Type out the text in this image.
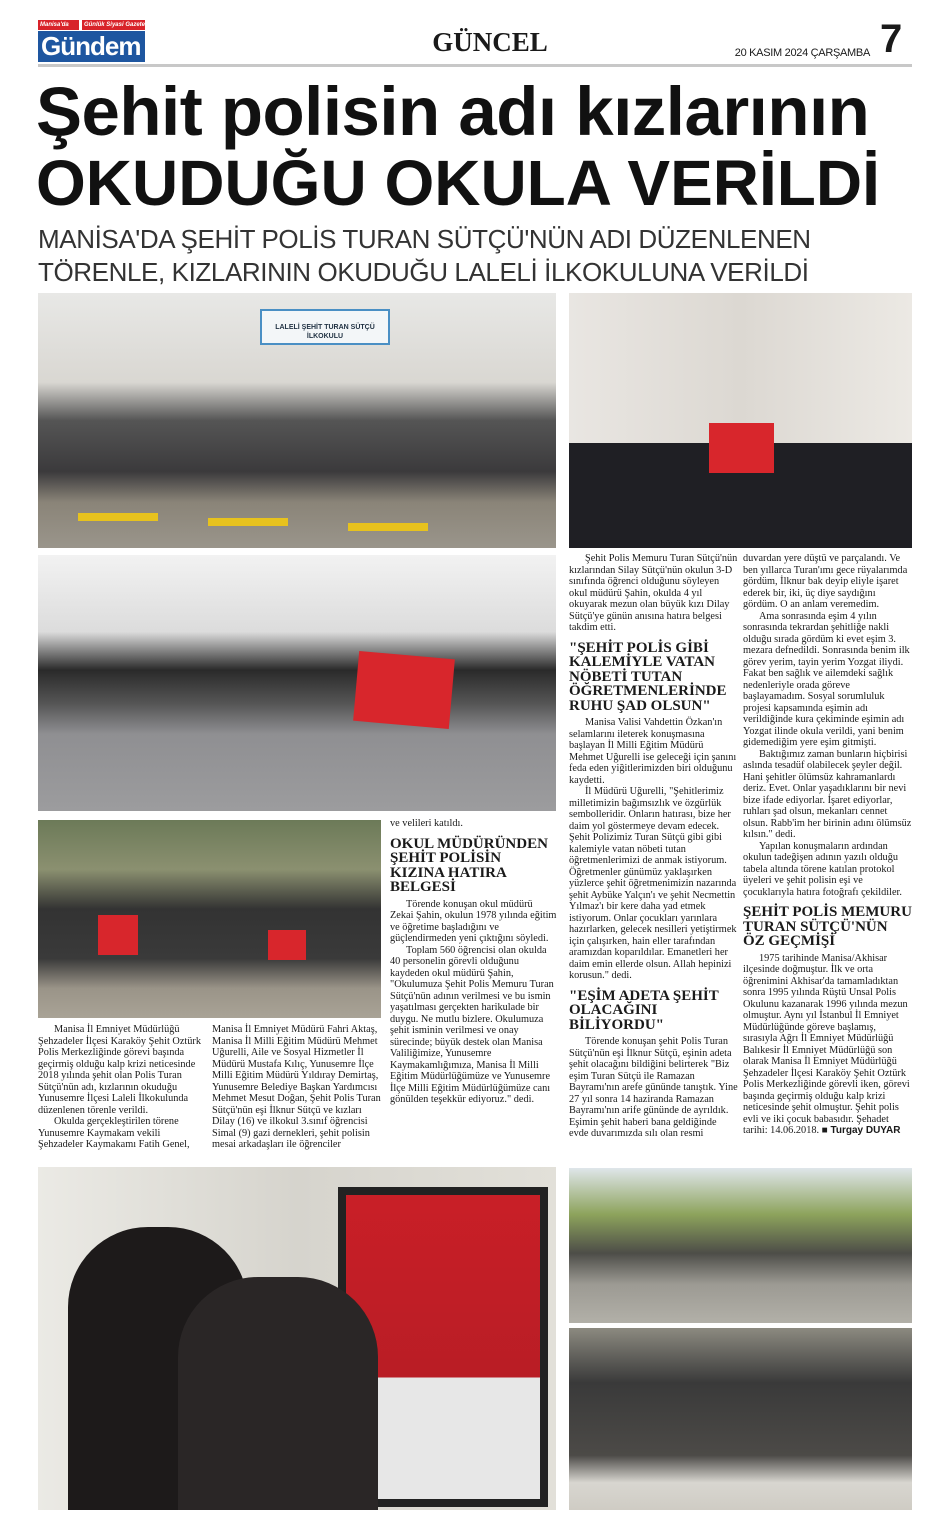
Manisa'da	Günlük Siyasi Gazete
Gündem	GÜNCEL	20 KASIM 2024 ÇARŞAMBA 7
Şehit polisin adı kızlarının
OKUDUĞU OKULA VERİLDİ
MANİSA'DA ŞEHİT POLİS TURAN SÜTÇÜ'NÜN ADI DÜZENLENEN
TÖRENLE, KIZLARININ OKUDUĞU LALELİ İLKOKULUNA VERİLDİ
LALELİ ŞEHİT TURAN SÜTÇÜ İLKOKULU

Manisa İl Emniyet Müdürlüğü Şehzadeler İlçesi Karaköy Şehit Oztürk Polis Merkezliğinde görevi başında geçirmiş olduğu kalp krizi neticesinde 2018 yılında şehit olan Polis Turan Sütçü'nün adı, kızlarının okuduğu Yunusemre İlçesi Laleli İlkokulunda düzenlenen törenle verildi.

Okulda gerçekleştirilen törene Yunusemre Kaymakam vekili Şehzadeler Kaymakamı Fatih Genel,

Manisa İl Emniyet Müdürü Fahri Aktaş, Manisa İl Milli Eğitim Müdürü Mehmet Uğurelli, Aile ve Sosyal Hizmetler İl Müdürü Mustafa Kılıç, Yunusemre İlçe Milli Eğitim Müdürü Yıldıray Demirtaş, Yunusemre Belediye Başkan Yardımcısı Mehmet Mesut Doğan, Şehit Polis Turan Sütçü'nün eşi İlknur Sütçü ve kızları Dilay (16) ve ilkokul 3.sınıf öğrencisi Simal (9) gazi dernekleri, şehit polisin mesai arkadaşları ile öğrenciler

ve velileri katıldı.

OKUL MÜDÜRÜNDEN ŞEHİT POLİSİN KIZINA HATIRA BELGESİ

Törende konuşan okul müdürü Zekai Şahin, okulun 1978 yılında eğitim ve öğretime başladığını ve güçlendirmeden yeni çıktığını söyledi.

Toplam 560 öğrencisi olan okulda 40 personelin görevli olduğunu kaydeden okul müdürü Şahin, "Okulumuza Şehit Polis Memuru Turan Sütçü'nün adının verilmesi ve bu ismin yaşatılması gerçekten harikulade bir duygu. Ne mutlu bizlere. Okulumuza şehit isminin verilmesi ve onay sürecinde; büyük destek olan Manisa Valiliğimize, Yunusemre Kaymakamlığımıza, Manisa İl Milli Eğitim Müdürlüğümüze ve Yunusemre İlçe Milli Eğitim Müdürlüğümüze canı gönülden teşekkür ediyoruz." dedi.

Şehit Polis Memuru Turan Sütçü'nün kızlarından Silay Sütçü'nün okulun 3-D sınıfında öğrenci olduğunu söyleyen okul müdürü Şahin, okulda 4 yıl okuyarak mezun olan büyük kızı Dilay Sütçü'ye günün anısına hatıra belgesi takdim etti.

"ŞEHİT POLİS GİBİ KALEMİYLE VATAN NÖBETİ TUTAN ÖĞRETMENLERİNDE RUHU ŞAD OLSUN"

Manisa Valisi Vahdettin Özkan'ın selamlarını ileterek konuşmasına başlayan İl Milli Eğitim Müdürü Mehmet Uğurelli ise geleceği için şanını feda eden yiğitlerimizden biri olduğunu kaydetti.

İl Müdürü Uğurelli, "Şehitlerimiz milletimizin bağımsızlık ve özgürlük sembolleridir. Onların hatırası, bize her daim yol göstermeye devam edecek. Şehit Polizimiz Turan Sütçü gibi gibi kalemiyle vatan nöbeti tutan öğretmenlerimizi de anmak istiyorum. Öğretmenler günümüz yaklaşırken yüzlerce şehit öğretmenimizin nazarında şehit Aybüke Yalçın'ı ve şehit Necmettin Yılmaz'ı bir kere daha yad etmek istiyorum. Onlar çocukları yarınlara hazırlarken, gelecek nesilleri yetiştirmek için çalışırken, hain eller tarafından aramızdan koparıldılar. Emanetleri her daim emin ellerde olsun. Allah hepinizi korusun." dedi.

"EŞİM ADETA ŞEHİT OLACAĞINI BİLİYORDU"

Törende konuşan şehit Polis Turan Sütçü'nün eşi İlknur Sütçü, eşinin adeta şehit olacağını bildiğini belirterek "Biz eşim Turan Sütçü ile Ramazan Bayramı'nın arefe gününde tanıştık. Yine 27 yıl sonra 14 haziranda Ramazan Bayramı'nın arife gününde de ayrıldık. Eşimin şehit haberi bana geldiğinde evde duvarımızda sılı olan resmi duvardan yere düştü ve parçalandı. Ve ben yıllarca Turan'ımı gece rüyalarımda gördüm, İlknur bak deyip eliyle işaret ederek bir, iki, üç diye saydığını gördüm. O an anlam veremedim.

Ama sonrasında eşim 4 yılın sonrasında tekrardan şehitliğe nakli olduğu sırada gördüm ki evet eşim 3. mezara defnedildi. Sonrasında benim ilk görev yerim, tayin yerim Yozgat iliydi. Fakat ben sağlık ve ailemdeki sağlık nedenleriyle orada göreve başlayamadım. Sosyal sorumluluk projesi kapsamında eşimin adı verildiğinde kura çekiminde eşimin adı Yozgat ilinde okula verildi, yani benim gidemediğim yere eşim gitmişti.

Baktığımız zaman bunların hiçbirisi aslında tesadüf olabilecek şeyler değil. Hani şehitler ölümsüz kahramanlardı deriz. Evet. Onlar yaşadıklarını bir nevi bize ifade ediyorlar. İşaret ediyorlar, ruhları şad olsun, mekanları cennet olsun. Rabb'im her birinin adını ölümsüz kılsın." dedi.

Yapılan konuşmaların ardından okulun tadeğişen adının yazılı olduğu tabela altında törene katılan protokol üyeleri ve şehit polisin eşi ve çocuklarıyla hatıra fotoğrafı çekildiler.

ŞEHİT POLİS MEMURU TURAN SÜTÇÜ'NÜN ÖZ GEÇMİŞİ

1975 tarihinde Manisa/Akhisar ilçesinde doğmuştur. İlk ve orta öğrenimini Akhisar'da tamamladıktan sonra 1995 yılında Rüştü Unsal Polis Okulunu kazanarak 1996 yılında mezun olmuştur. Aynı yıl İstanbul İl Emniyet Müdürlüğünde göreve başlamış, sırasıyla Ağrı İl Emniyet Müdürlüğü Balıkesir İl Emniyet Müdürlüğü son olarak Manisa İl Emniyet Müdürlüğü Şehzadeler İlçesi Karaköy Şehit Oztürk Polis Merkezliğinde görevli iken, görevi başında geçirmiş olduğu kalp krizi neticesinde şehit olmuştur. Şehit polis evli ve iki çocuk babasıdır. Şehadet tarihi: 14.06.2018. ■ Turgay DUYAR
